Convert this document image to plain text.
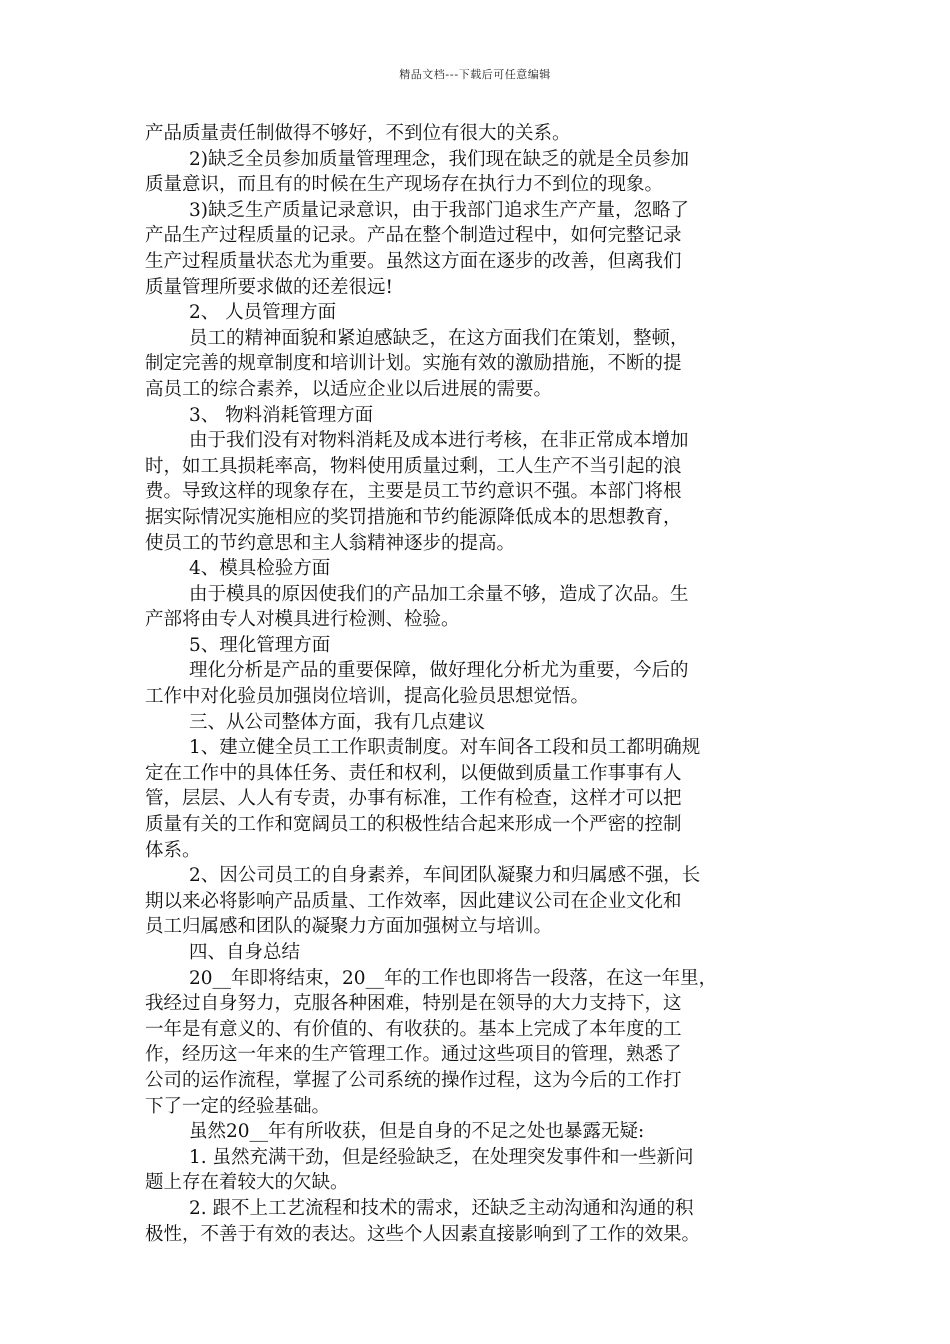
精品文档---下载后可任意编辑
产品质量责任制做得不够好，不到位有很大的关系。
2)缺乏全员参加质量管理理念，我们现在缺乏的就是全员参加
质量意识，而且有的时候在生产现场存在执行力不到位的现象。
3)缺乏生产质量记录意识，由于我部门追求生产产量，忽略了
产品生产过程质量的记录。产品在整个制造过程中，如何完整记录
生产过程质量状态尤为重要。虽然这方面在逐步的改善，但离我们
质量管理所要求做的还差很远!
2、 人员管理方面
员工的精神面貌和紧迫感缺乏，在这方面我们在策划，整顿，
制定完善的规章制度和培训计划。实施有效的激励措施，不断的提
高员工的综合素养，以适应企业以后进展的需要。
3、 物料消耗管理方面
由于我们没有对物料消耗及成本进行考核，在非正常成本增加
时，如工具损耗率高，物料使用质量过剩，工人生产不当引起的浪
费。导致这样的现象存在，主要是员工节约意识不强。本部门将根
据实际情况实施相应的奖罚措施和节约能源降低成本的思想教育，
使员工的节约意思和主人翁精神逐步的提高。
4、模具检验方面
由于模具的原因使我们的产品加工余量不够，造成了次品。生
产部将由专人对模具进行检测、检验。
5、理化管理方面
理化分析是产品的重要保障，做好理化分析尤为重要，今后的
工作中对化验员加强岗位培训，提高化验员思想觉悟。
三、从公司整体方面，我有几点建议
1、建立健全员工工作职责制度。对车间各工段和员工都明确规
定在工作中的具体任务、责任和权利，以便做到质量工作事事有人
管，层层、人人有专责，办事有标准，工作有检查，这样才可以把
质量有关的工作和宽阔员工的积极性结合起来形成一个严密的控制
体系。
2、因公司员工的自身素养，车间团队凝聚力和归属感不强，长
期以来必将影响产品质量、工作效率，因此建议公司在企业文化和
员工归属感和团队的凝聚力方面加强树立与培训。
四、自身总结
20__年即将结束，20__年的工作也即将告一段落，在这一年里，
我经过自身努力，克服各种困难，特别是在领导的大力支持下，这
一年是有意义的、有价值的、有收获的。基本上完成了本年度的工
作，经历这一年来的生产管理工作。通过这些项目的管理，熟悉了
公司的运作流程，掌握了公司系统的操作过程，这为今后的工作打
下了一定的经验基础。
虽然20__年有所收获，但是自身的不足之处也暴露无疑:
1. 虽然充满干劲，但是经验缺乏，在处理突发事件和一些新问
题上存在着较大的欠缺。
2. 跟不上工艺流程和技术的需求，还缺乏主动沟通和沟通的积
极性，不善于有效的表达。这些个人因素直接影响到了工作的效果。
